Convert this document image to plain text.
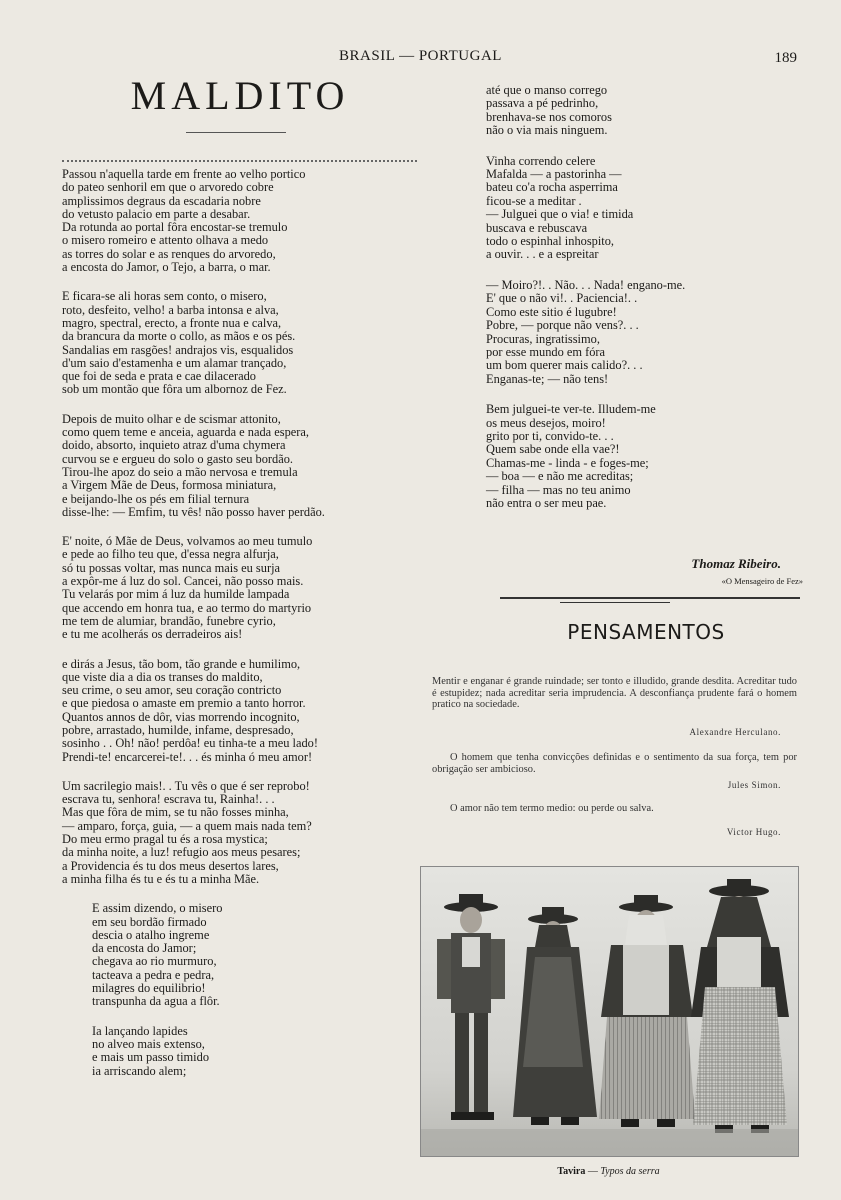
BRASIL — PORTUGAL	189
MALDITO
Passou n'aquella tarde em frente ao velho portico
do pateo senhoril em que o arvoredo cobre
amplissimos degraus da escadaria nobre
do vetusto palacio em parte a desabar.
Da rotunda ao portal fôra encostar-se tremulo
o misero romeiro e attento olhava a medo
as torres do solar e as renques do arvoredo,
a encosta do Jamor, o Tejo, a barra, o mar.
E ficara-se ali horas sem conto, o misero,
roto, desfeito, velho! a barba intonsa e alva,
magro, spectral, erecto, a fronte nua e calva,
da brancura da morte o collo, as mãos e os pés.
Sandalias em rasgões! andrajos vis, esqualidos
d'um saio d'estamenha e um alamar trançado,
que foi de seda e prata e cae dilacerado
sob um montão que fôra um albornoz de Fez.
Depois de muito olhar e de scismar attonito,
como quem teme e anceia, aguarda e nada espera,
doido, absorto, inquieto atraz d'uma chymera
curvou se e ergueu do solo o gasto seu bordão.
Tirou-lhe apoz do seio a mão nervosa e tremula
a Virgem Mãe de Deus, formosa miniatura,
e beijando-lhe os pés em filial ternura
disse-lhe: — Emfim, tu vês! não posso haver perdão.
E' noite, ó Mãe de Deus, volvamos ao meu tumulo
e pede ao filho teu que, d'essa negra alfurja,
só tu possas voltar, mas nunca mais eu surja
a expôr-me á luz do sol. Cancei, não posso mais.
Tu velarás por mim á luz da humilde lampada
que accendo em honra tua, e ao termo do martyrio
me tem de alumiar, brandão, funebre cyrio,
e tu me acolherás os derradeiros ais!
e dirás a Jesus, tão bom, tão grande e humilimo,
que viste dia a dia os transes do maldito,
seu crime, o seu amor, seu coração contricto
e que piedosa o amaste em premio a tanto horror.
Quantos annos de dôr, vias morrendo incognito,
pobre, arrastado, humilde, infame, despresado,
sosinho . . Oh! não! perdôa! eu tinha-te a meu lado!
Prendi-te! encarcerei-te!. . . és minha ó meu amor!
Um sacrilegio mais!. . Tu vês o que é ser reprobo!
escrava tu, senhora! escrava tu, Rainha!. . .
Mas que fôra de mim, se tu não fosses minha,
— amparo, força, guia, — a quem mais nada tem?
Do meu ermo pragal tu és a rosa mystica;
da minha noite, a luz! refugio aos meus pesares;
a Providencia és tu dos meus desertos lares,
a minha filha és tu e és tu a minha Mãe.
E assim dizendo, o misero
em seu bordão firmado
descia o atalho ingreme
da encosta do Jamor;
chegava ao rio murmuro,
tacteava a pedra e pedra,
milagres do equilibrio!
transpunha da agua a flôr.
Ia lançando lapides
no alveo mais extenso,
e mais um passo timido
ia arriscando alem;
até que o manso corrego
passava a pé pedrinho,
brenhava-se nos comoros
não o via mais ninguem.
Vinha correndo celere
Mafalda — a pastorinha —
bateu co'a rocha asperrima
ficou-se a meditar .
— Julguei que o via! e timida
buscava e rebuscava
todo o espinhal inhospito,
a ouvir. . . e a espreitar
— Moiro?!. . Não. . . Nada! engano-me.
E' que o não vi!. . Paciencia!. .
Como este sitio é lugubre!
Pobre, — porque não vens?. . .
Procuras, ingratissimo,
por esse mundo em fóra
um bom querer mais calido?. . .
Enganas-te; — não tens!
Bem julguei-te ver-te. Illudem-me
os meus desejos, moiro!
grito por ti, convido-te. . .
Quem sabe onde ella vae?!
Chamas-me - linda - e foges-me;
— boa — e não me acreditas;
— filha — mas no teu animo
não entra o ser meu pae.
Thomaz Ribeiro.
«O Mensageiro de Fez»
PENSAMENTOS
Mentir e enganar é grande ruindade; ser tonto e illudido, grande desdita. Acreditar tudo é estupidez; nada acreditar seria imprudencia. A desconfiança prudente fará o homem pratico na sociedade.
Alexandre Herculano.
O homem que tenha convicções definidas e o sentimento da sua força, tem por obrigação ser ambicioso.
Jules Simon.
O amor não tem termo medio: ou perde ou salva.
Victor Hugo.
Tavira — Typos da serra
